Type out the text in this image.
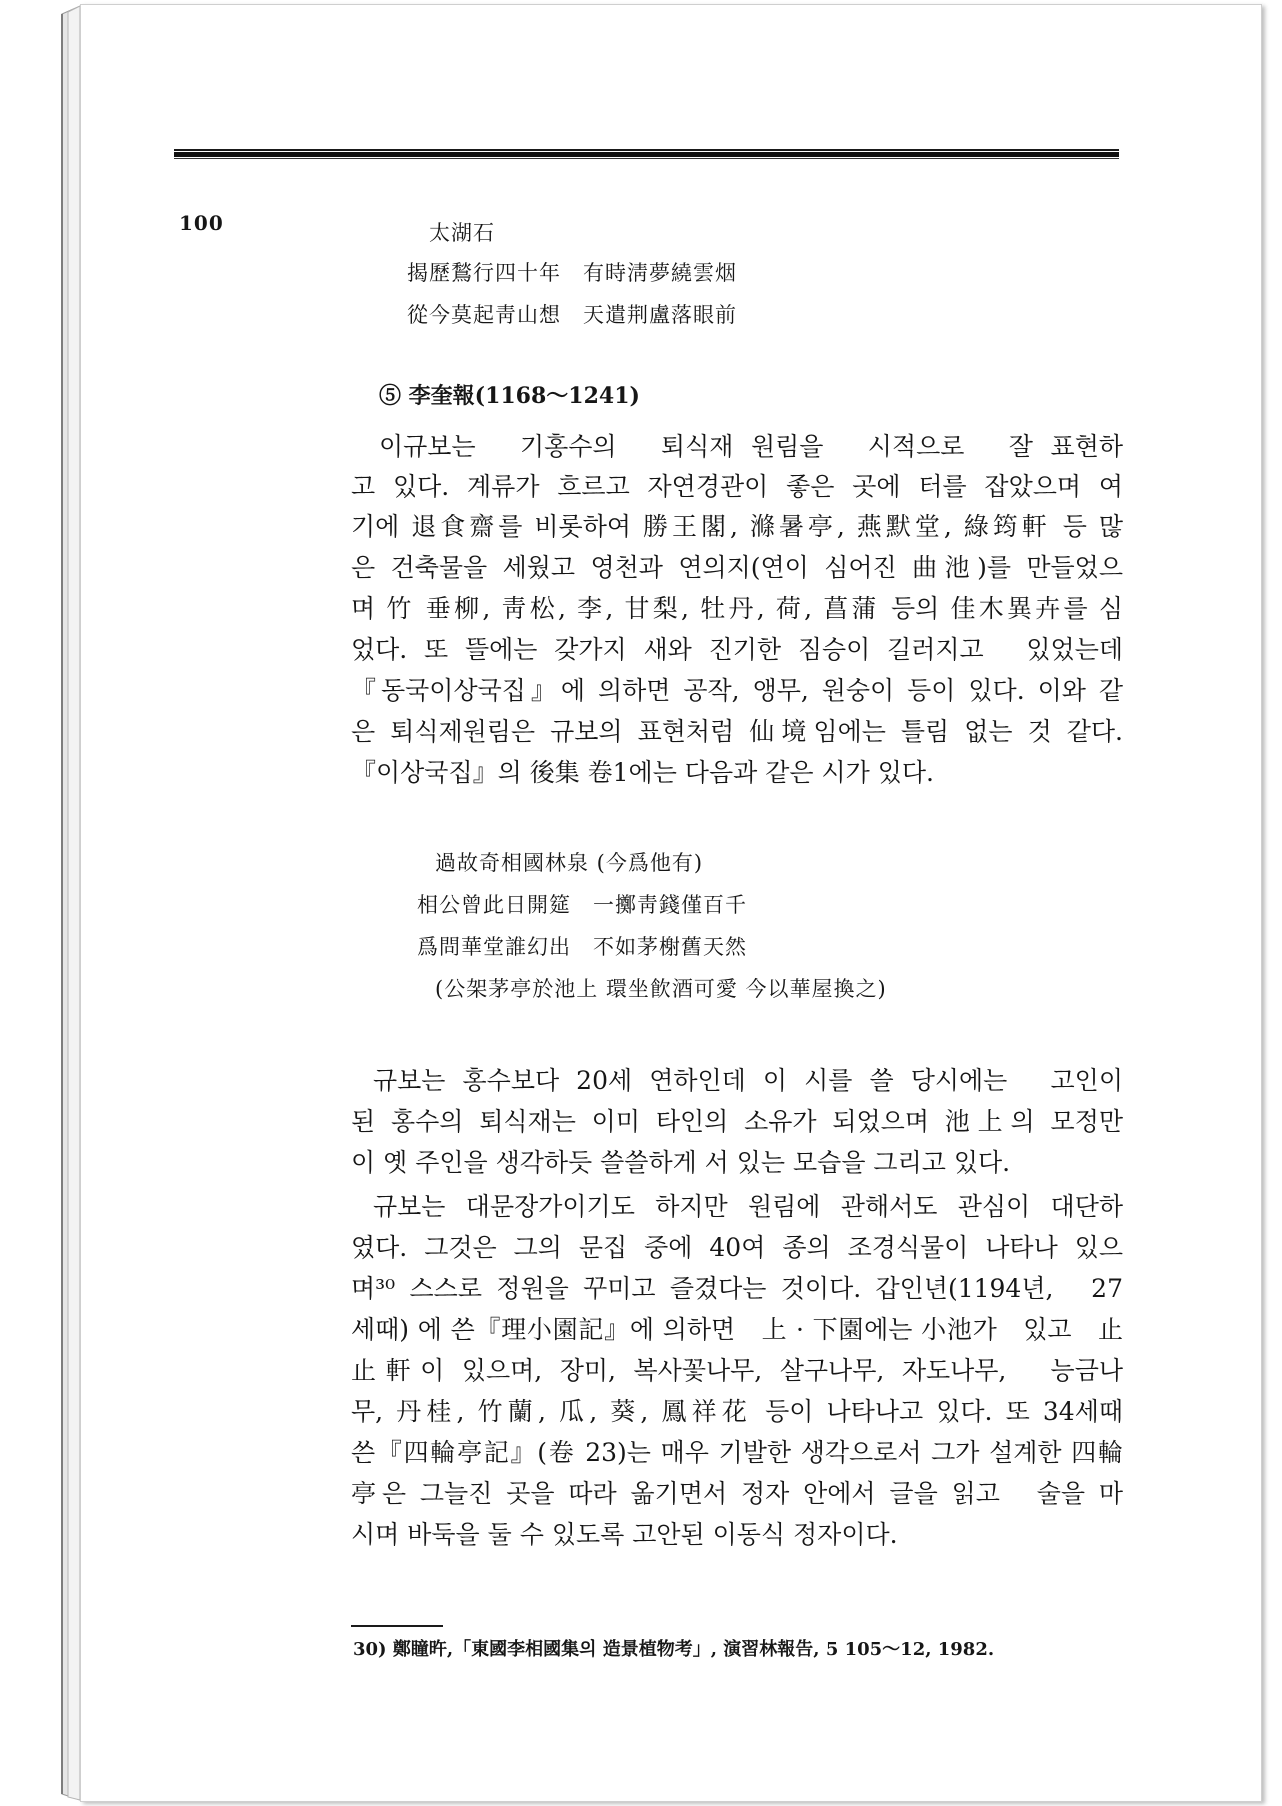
100	太湖石
揭歷鶖行四十年　有時淸夢繞雲烟
從今莫起靑山想　天遣荆盧落眼前
⑤ 李奎報(1168～1241)
이규보는　기홍수의　퇴식재 원림을　시적으로　잘 표현하
고 있다. 계류가 흐르고 자연경관이 좋은 곳에 터를 잡았으며 여
기에 退食齋를 비롯하여 勝王閣, 滌暑亭, 燕默堂, 綠筠軒 등 많
은 건축물을 세웠고 영천과 연의지(연이 심어진 曲池)를 만들었으
며 竹 垂柳, 靑松, 李, 甘梨, 牡丹, 荷, 菖蒲 등의 佳木異卉를 심
었다. 또 뜰에는 갖가지 새와 진기한 짐승이 길러지고　있었는데
『동국이상국집』에 의하면 공작, 앵무, 원숭이 등이 있다. 이와 같
은 퇴식제원림은 규보의 표현처럼 仙境임에는 틀림 없는 것 같다.
『이상국집』의 後集 卷1에는 다음과 같은 시가 있다.
過故奇相國林泉 (今爲他有)
相公曾此日開筵　一擲靑錢僅百千
爲問華堂誰幻出　不如茅榭舊天然
(公架茅亭於池上 環坐飮酒可愛 今以華屋換之)
규보는 홍수보다 20세 연하인데 이 시를 쓸 당시에는　고인이
된 홍수의 퇴식재는 이미 타인의 소유가 되었으며 池上의 모정만
이 옛 주인을 생각하듯 쓸쓸하게 서 있는 모습을 그리고 있다.
규보는 대문장가이기도 하지만 원림에 관해서도 관심이 대단하
였다. 그것은 그의 문집 중에 40여 종의 조경식물이 나타나 있으
며³⁰ 스스로 정원을 꾸미고 즐겼다는 것이다. 갑인년(1194년,　27
세때) 에 쓴『理小園記』에 의하면　上 · 下園에는 小池가　있고　止
止軒이 있으며, 장미, 복사꽃나무, 살구나무, 자도나무,　능금나
무, 丹桂, 竹蘭, 瓜, 葵, 鳳祥花 등이 나타나고 있다. 또 34세때
쓴『四輪亭記』(卷 23)는 매우 기발한 생각으로서 그가 설계한 四輪
亭은 그늘진 곳을 따라 옮기면서 정자 안에서 글을 읽고　술을 마
시며 바둑을 둘 수 있도록 고안된 이동식 정자이다.
30) 鄭瞳旿,「東國李相國集의 造景植物考」, 演習林報告, 5 105～12, 1982.
